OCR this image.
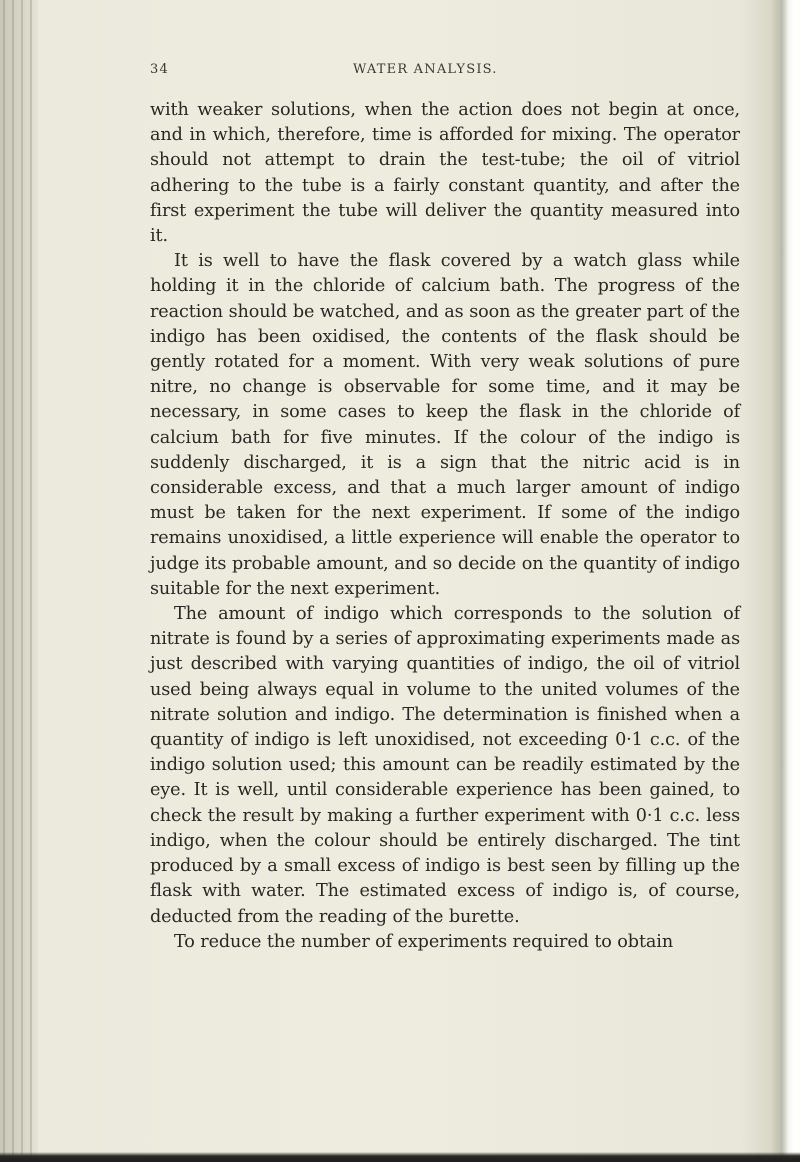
34	WATER ANALYSIS.

with weaker solutions, when the action does not begin at once, and in which, therefore, time is afforded for mixing. The operator should not attempt to drain the test-tube; the oil of vitriol adhering to the tube is a fairly constant quantity, and after the first experiment the tube will deliver the quantity measured into it.

It is well to have the flask covered by a watch glass while holding it in the chloride of calcium bath. The progress of the reaction should be watched, and as soon as the greater part of the indigo has been oxidised, the contents of the flask should be gently rotated for a moment. With very weak solutions of pure nitre, no change is observable for some time, and it may be necessary, in some cases to keep the flask in the chloride of calcium bath for five minutes. If the colour of the indigo is suddenly discharged, it is a sign that the nitric acid is in considerable excess, and that a much larger amount of indigo must be taken for the next experiment. If some of the indigo remains unoxidised, a little experience will enable the operator to judge its probable amount, and so decide on the quantity of indigo suitable for the next experiment.

The amount of indigo which corresponds to the solution of nitrate is found by a series of approximating experiments made as just described with varying quantities of indigo, the oil of vitriol used being always equal in volume to the united volumes of the nitrate solution and indigo. The determination is finished when a quantity of indigo is left unoxidised, not exceeding 0·1 c.c. of the indigo solution used; this amount can be readily estimated by the eye. It is well, until considerable experience has been gained, to check the result by making a further experiment with 0·1 c.c. less indigo, when the colour should be entirely discharged. The tint produced by a small excess of indigo is best seen by filling up the flask with water. The estimated excess of indigo is, of course, deducted from the reading of the burette.

To reduce the number of experiments required to obtain
